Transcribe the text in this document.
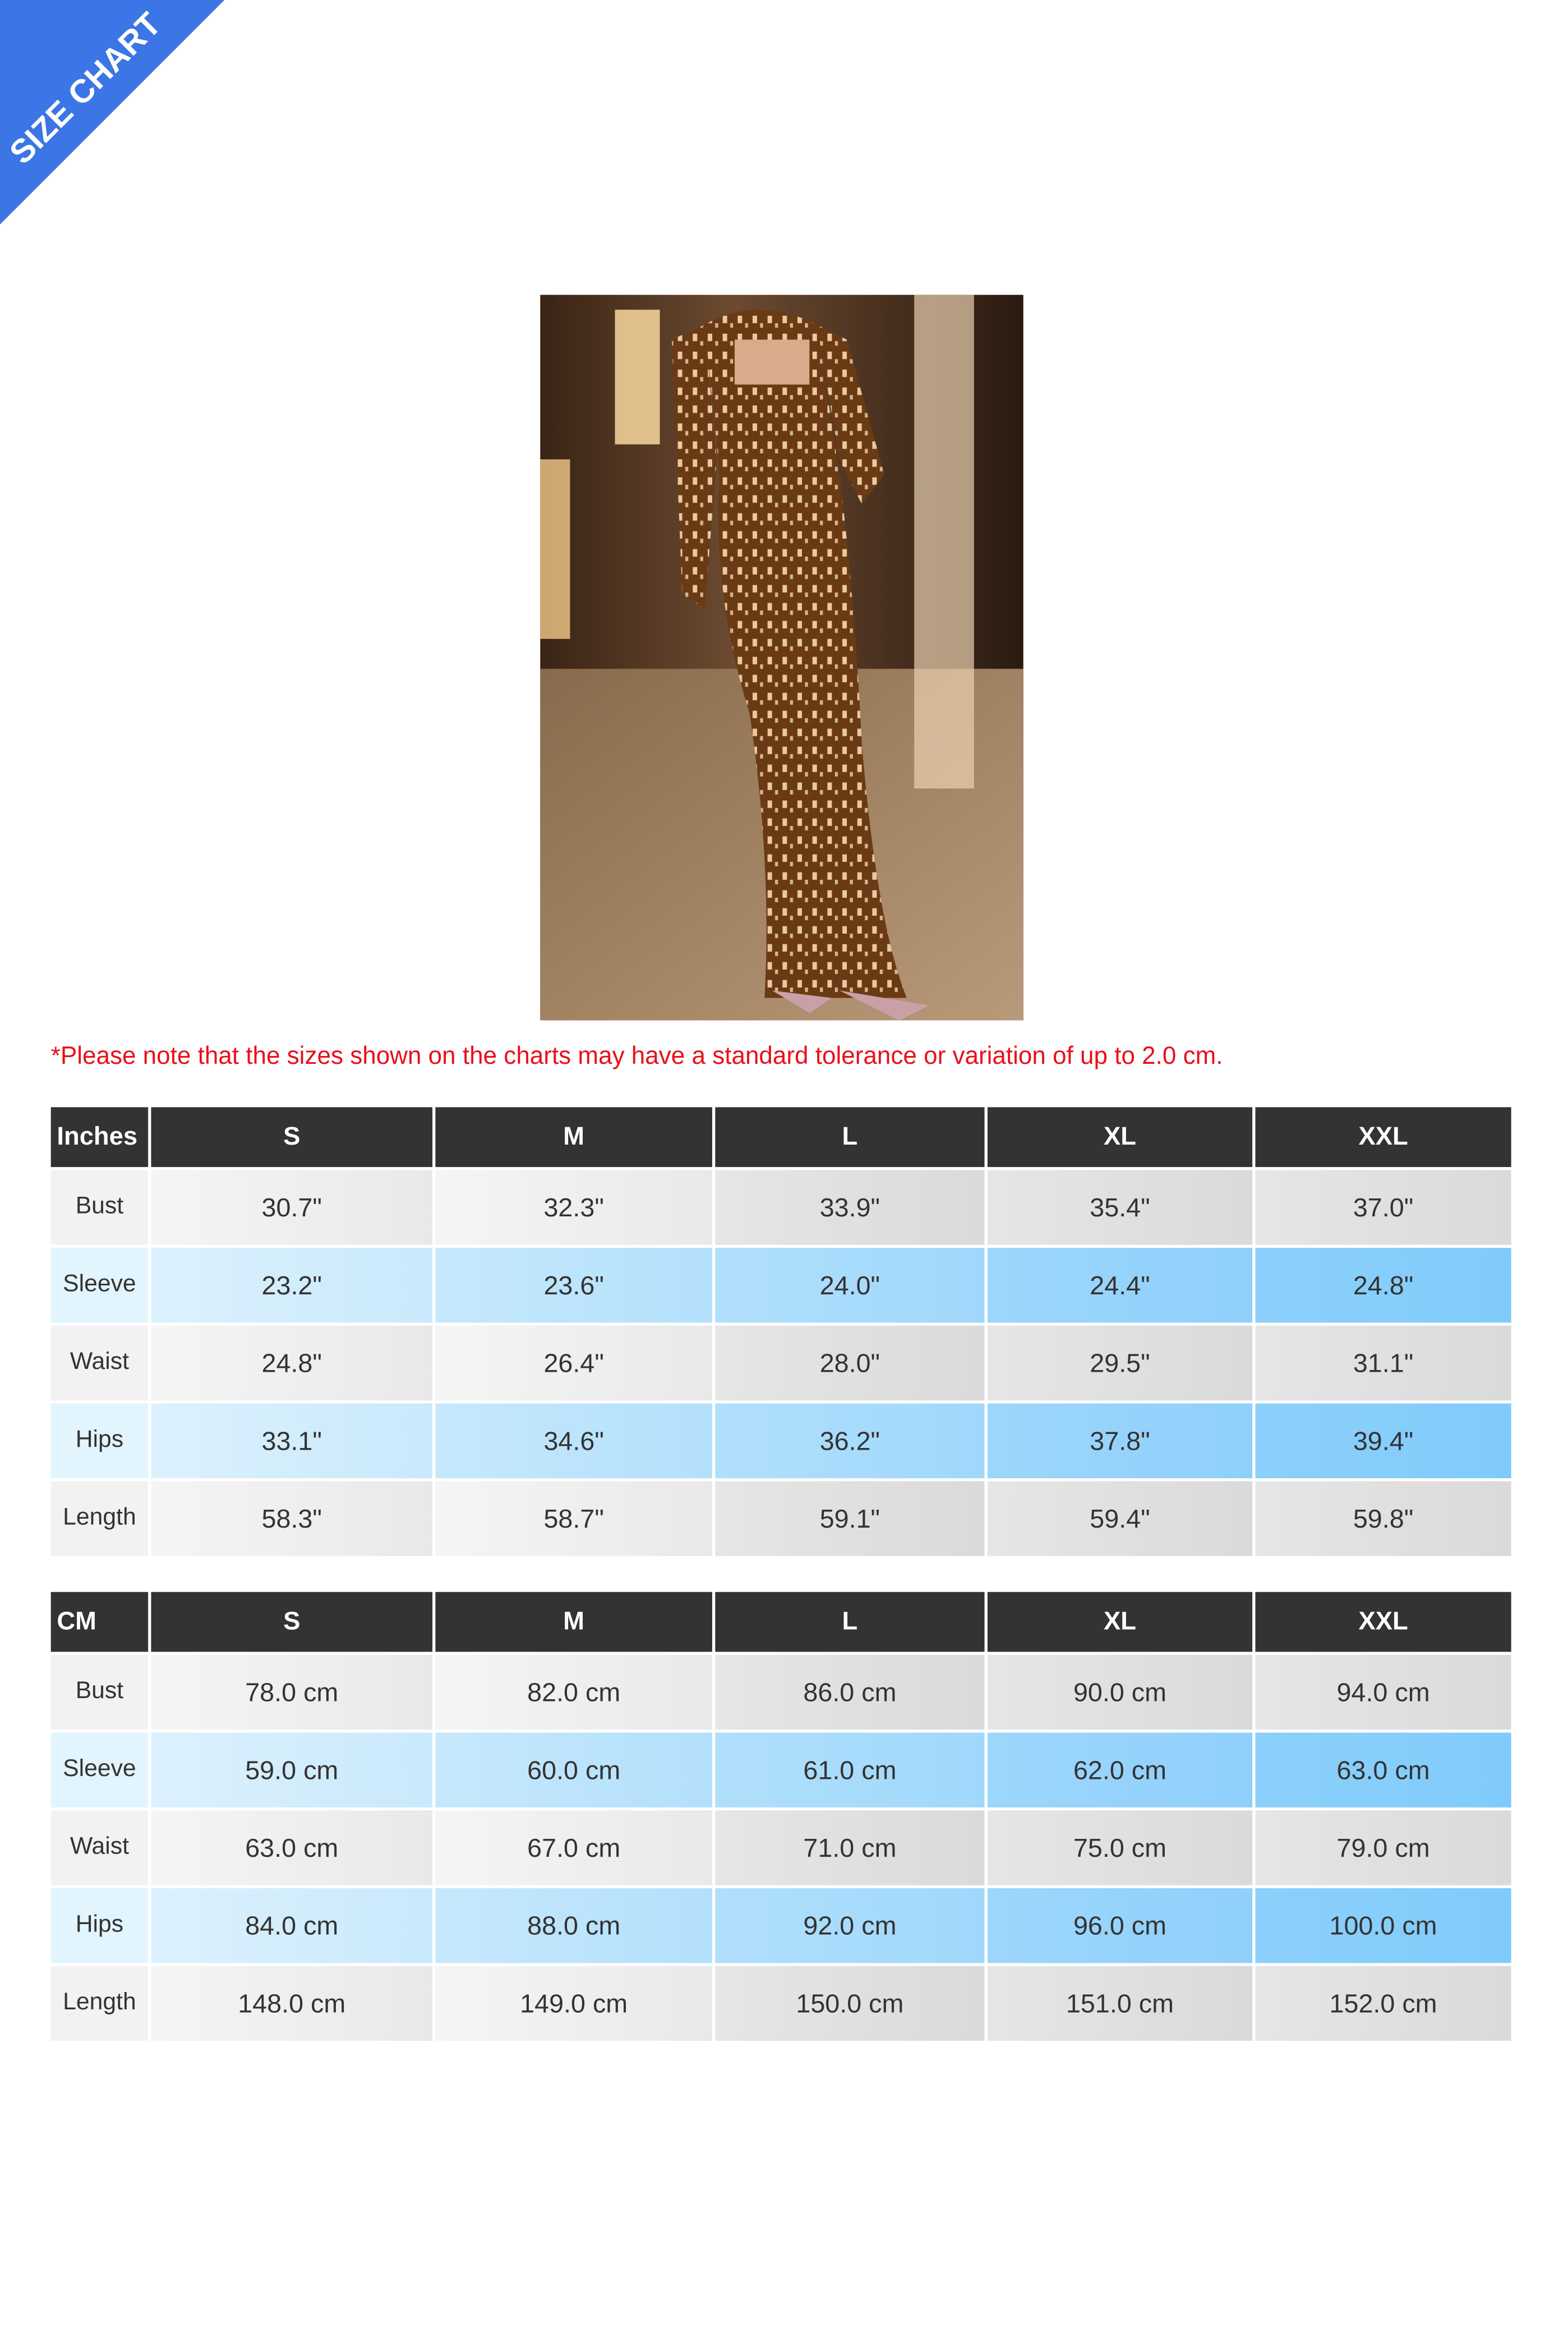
SIZE CHART
*Please note that the sizes shown on the charts may have a standard tolerance or variation of up to 2.0 cm.
Inches	S	M	L	XL	XXL
Bust	30.7"	32.3"	33.9"	35.4"	37.0"
Sleeve	23.2"	23.6"	24.0"	24.4"	24.8"
Waist	24.8"	26.4"	28.0"	29.5"	31.1"
Hips	33.1"	34.6"	36.2"	37.8"	39.4"
Length	58.3"	58.7"	59.1"	59.4"	59.8"
CM	S	M	L	XL	XXL
Bust	78.0 cm	82.0 cm	86.0 cm	90.0 cm	94.0 cm
Sleeve	59.0 cm	60.0 cm	61.0 cm	62.0 cm	63.0 cm
Waist	63.0 cm	67.0 cm	71.0 cm	75.0 cm	79.0 cm
Hips	84.0 cm	88.0 cm	92.0 cm	96.0 cm	100.0 cm
Length	148.0 cm	149.0 cm	150.0 cm	151.0 cm	152.0 cm
